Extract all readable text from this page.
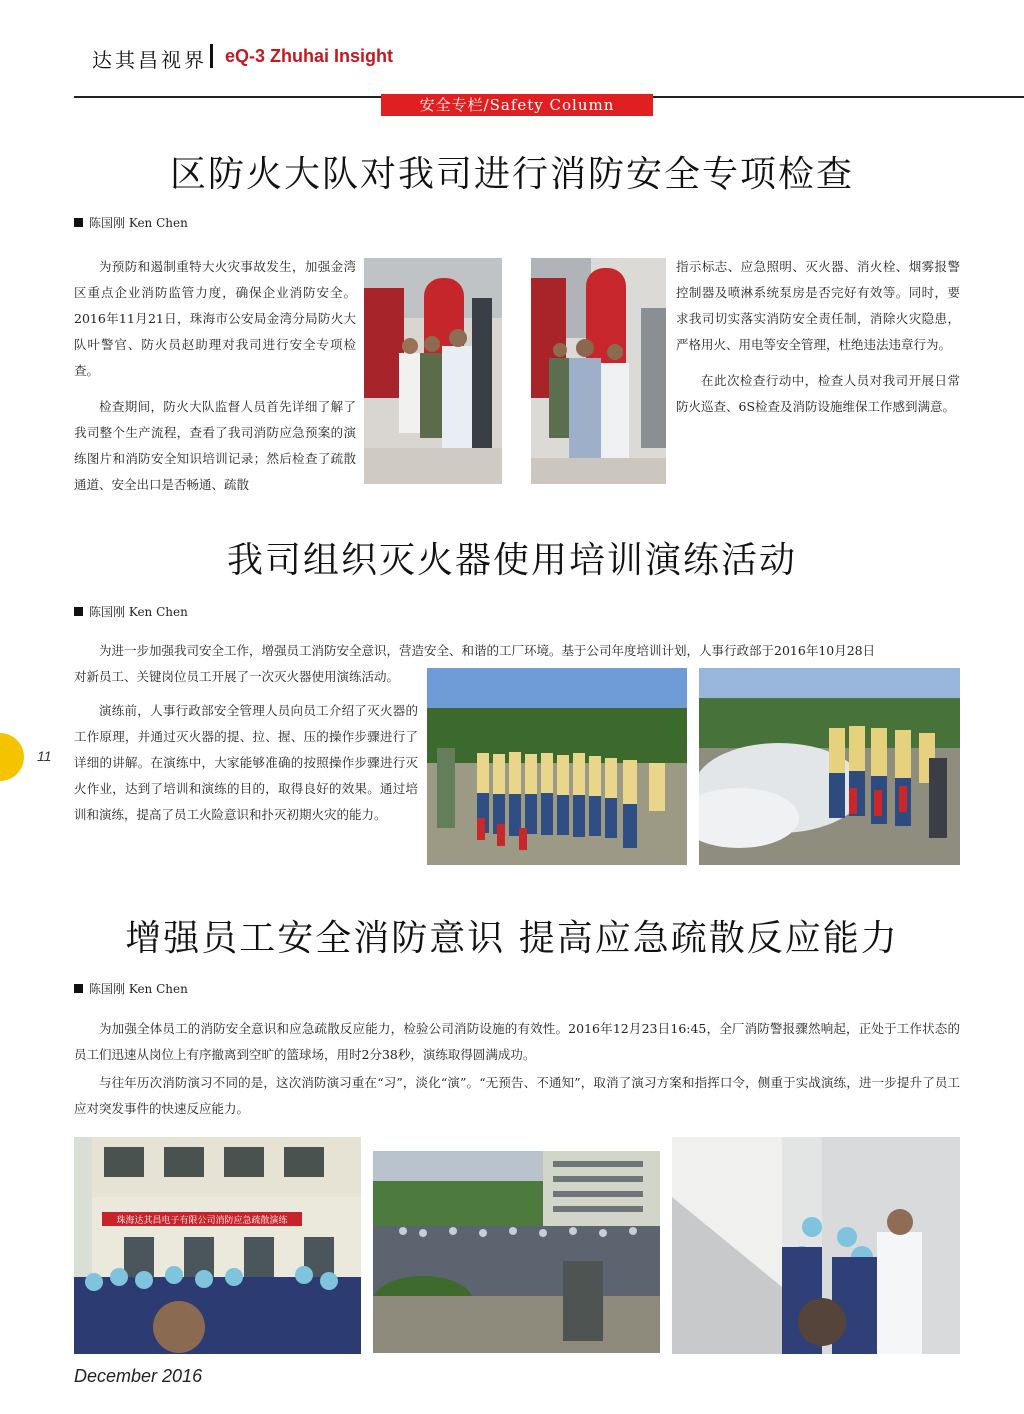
达其昌视界 eQ-3 Zhuhai Insight
安全专栏/Safety Column
区防火大队对我司进行消防安全专项检查
陈国刚 Ken Chen

为预防和遏制重特大火灾事故发生，加强金湾区重点企业消防监管力度，确保企业消防安全。2016年11月21日，珠海市公安局金湾分局防火大队叶警官、防火员赵助理对我司进行安全专项检查。

检查期间，防火大队监督人员首先详细了解了我司整个生产流程，查看了我司消防应急预案的演练图片和消防安全知识培训记录；然后检查了疏散通道、安全出口是否畅通、疏散

指示标志、应急照明、灭火器、消火栓、烟雾报警控制器及喷淋系统泵房是否完好有效等。同时，要求我司切实落实消防安全责任制，消除火灾隐患，严格用火、用电等安全管理，杜绝违法违章行为。

在此次检查行动中，检查人员对我司开展日常防火巡查、6S检查及消防设施维保工作感到满意。

我司组织灭火器使用培训演练活动
陈国刚 Ken Chen

为进一步加强我司安全工作，增强员工消防安全意识，营造安全、和谐的工厂环境。基于公司年度培训计划，人事行政部于2016年10月28日

对新员工、关键岗位员工开展了一次灭火器使用演练活动。

演练前，人事行政部安全管理人员向员工介绍了灭火器的工作原理，并通过灭火器的提、拉、握、压的操作步骤进行了详细的讲解。在演练中，大家能够准确的按照操作步骤进行灭火作业，达到了培训和演练的目的，取得良好的效果。通过培训和演练，提高了员工火险意识和扑灭初期火灾的能力。

增强员工安全消防意识 提高应急疏散反应能力
陈国刚 Ken Chen

为加强全体员工的消防安全意识和应急疏散反应能力，检验公司消防设施的有效性。2016年12月23日16:45，全厂消防警报骤然响起，正处于工作状态的员工们迅速从岗位上有序撤离到空旷的篮球场，用时2分38秒，演练取得圆满成功。

与往年历次消防演习不同的是，这次消防演习重在“习”，淡化“演”。“无预告、不通知”，取消了演习方案和指挥口令，侧重于实战演练，进一步提升了员工应对突发事件的快速反应能力。

珠海达其昌电子有限公司消防应急疏散演练
11
December 2016
